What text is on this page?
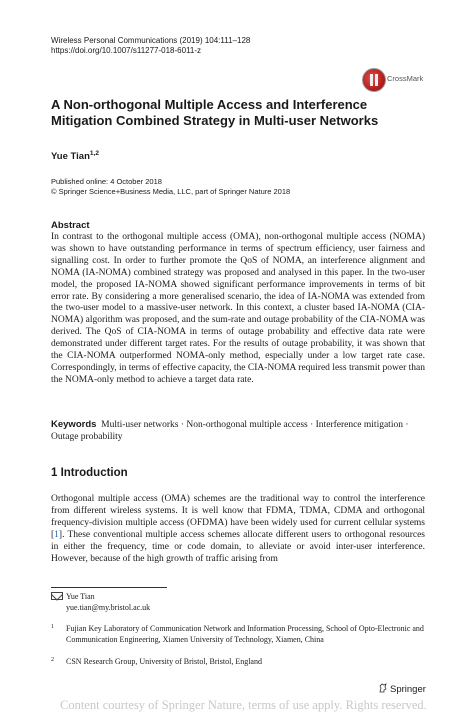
Wireless Personal Communications (2019) 104:111–128
https://doi.org/10.1007/s11277-018-6011-z
CrossMark
A Non-orthogonal Multiple Access and Interference
Mitigation Combined Strategy in Multi-user Networks
Yue Tian$^{1,2}$
Published online: 4 October 2018
© Springer Science+Business Media, LLC, part of Springer Nature 2018
Abstract
In contrast to the orthogonal multiple access (OMA), non-orthogonal multiple access (NOMA) was shown to have outstanding performance in terms of spectrum efficiency, user fairness and signalling cost. In order to further promote the QoS of NOMA, an interference alignment and NOMA (IA-NOMA) combined strategy was proposed and analysed in this paper. In the two-user model, the proposed IA-NOMA showed significant performance improvements in terms of bit error rate. By considering a more generalised scenario, the idea of IA-NOMA was extended from the two-user model to a massive-user network. In this context, a cluster based IA-NOMA (CIA-NOMA) algorithm was proposed, and the sum-rate and outage probability of the CIA-NOMA was derived. The QoS of CIA-NOMA in terms of outage probability and effective data rate were demonstrated under different target rates. For the results of outage probability, it was shown that the CIA-NOMA outperformed NOMA-only method, especially under a low target rate case. Correspondingly, in terms of effective capacity, the CIA-NOMA required less transmit power than the NOMA-only method to achieve a target data rate.
Keywords Multi-user networks · Non-orthogonal multiple access · Interference mitigation · Outage probability
1 Introduction
Orthogonal multiple access (OMA) schemes are the traditional way to control the interference from different wireless systems. It is well know that FDMA, TDMA, CDMA and orthogonal frequency-division multiple access (OFDMA) have been widely used for current cellular systems [1]. These conventional multiple access schemes allocate different users to orthogonal resources in either the frequency, time or code domain, to alleviate or avoid inter-user interference. However, because of the high growth of traffic arising from
Yue Tian
yue.tian@my.bristol.ac.uk
1 Fujian Key Laboratory of Communication Network and Information Processing, School of Opto-Electronic and Communication Engineering, Xiamen University of Technology, Xiamen, China
2 CSN Research Group, University of Bristol, Bristol, England
Springer
Content courtesy of Springer Nature, terms of use apply. Rights reserved.
